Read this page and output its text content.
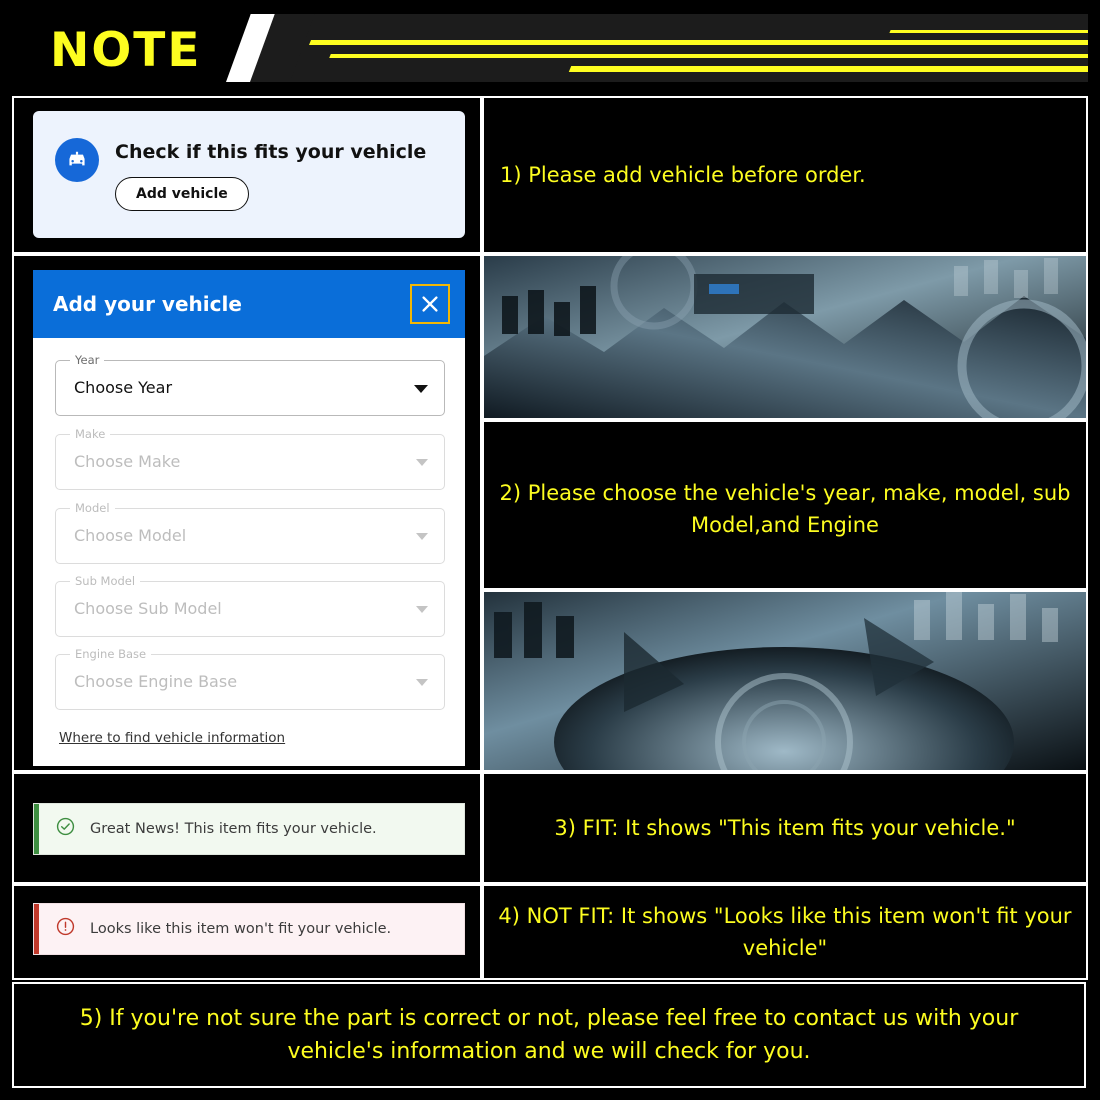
NOTE
Check if this fits your vehicle
Add vehicle
1) Please add vehicle before order.
Add your vehicle
Year
Choose Year
Make
Choose Make
Model
Choose Model
Sub Model
Choose Sub Model
Engine Base
Choose Engine Base
Where to find vehicle information
2) Please choose the vehicle's year, make, model, sub Model,and Engine
Great News! This item fits your vehicle.	3) FIT: It shows "This item fits your vehicle."
Looks like this item won't fit your vehicle.
4) NOT FIT: It shows "Looks like this item won't fit your vehicle"
5) If you're not sure the part is correct or not, please feel free to contact us with your vehicle's information and we will check for you.
